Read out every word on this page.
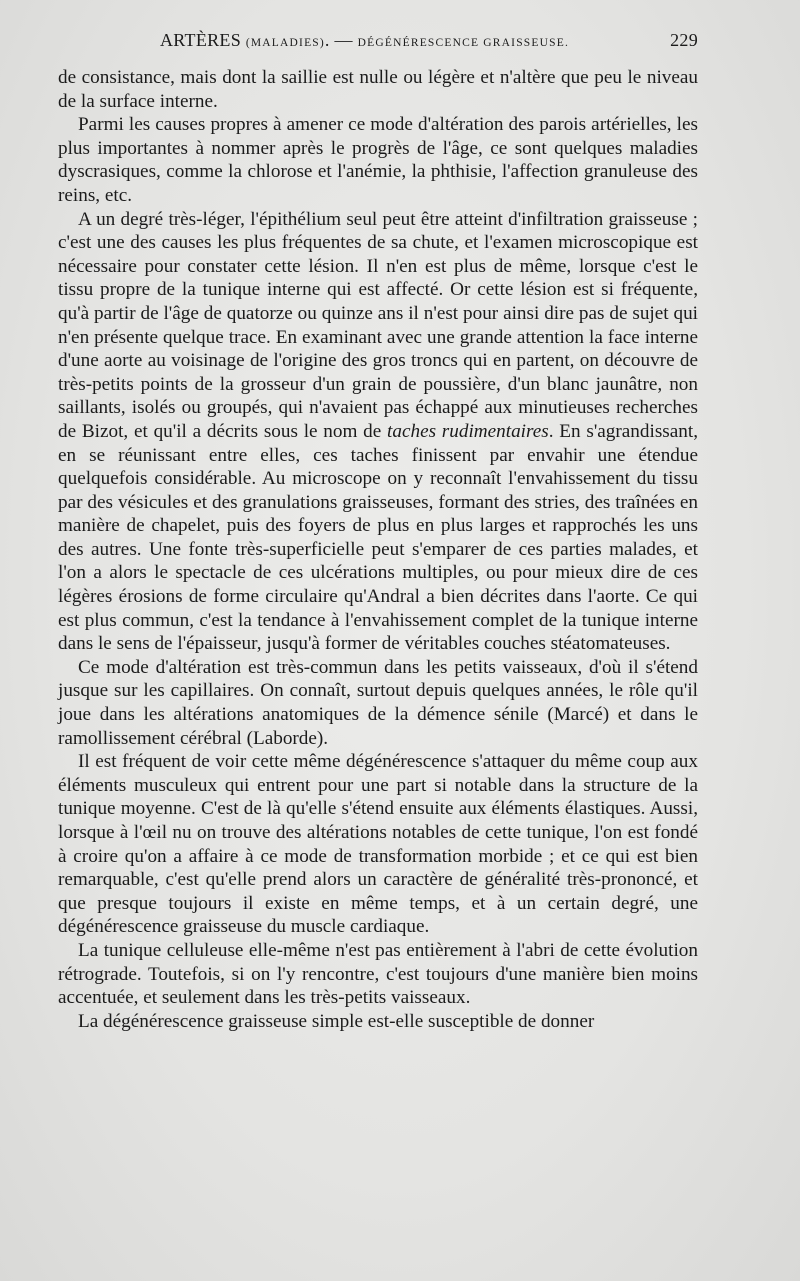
ARTÈRES (MALADIES). — DÉGÉNÉRESCENCE GRAISSEUSE.	229

de consistance, mais dont la saillie est nulle ou légère et n'altère que peu le niveau de la surface interne.

Parmi les causes propres à amener ce mode d'altération des parois artérielles, les plus importantes à nommer après le progrès de l'âge, ce sont quelques maladies dyscrasiques, comme la chlorose et l'anémie, la phthisie, l'affection granuleuse des reins, etc.

A un degré très-léger, l'épithélium seul peut être atteint d'infiltration graisseuse ; c'est une des causes les plus fréquentes de sa chute, et l'examen microscopique est nécessaire pour constater cette lésion. Il n'en est plus de même, lorsque c'est le tissu propre de la tunique interne qui est affecté. Or cette lésion est si fréquente, qu'à partir de l'âge de quatorze ou quinze ans il n'est pour ainsi dire pas de sujet qui n'en présente quelque trace. En examinant avec une grande attention la face interne d'une aorte au voisinage de l'origine des gros troncs qui en partent, on découvre de très-petits points de la grosseur d'un grain de poussière, d'un blanc jaunâtre, non saillants, isolés ou groupés, qui n'avaient pas échappé aux minutieuses recherches de Bizot, et qu'il a décrits sous le nom de taches rudimentaires. En s'agrandissant, en se réunissant entre elles, ces taches finissent par envahir une étendue quelquefois considérable. Au microscope on y reconnaît l'envahissement du tissu par des vésicules et des granulations graisseuses, formant des stries, des traînées en manière de chapelet, puis des foyers de plus en plus larges et rapprochés les uns des autres. Une fonte très-superficielle peut s'emparer de ces parties malades, et l'on a alors le spectacle de ces ulcérations multiples, ou pour mieux dire de ces légères érosions de forme circulaire qu'Andral a bien décrites dans l'aorte. Ce qui est plus commun, c'est la tendance à l'envahissement complet de la tunique interne dans le sens de l'épaisseur, jusqu'à former de véritables couches stéatomateuses.

Ce mode d'altération est très-commun dans les petits vaisseaux, d'où il s'étend jusque sur les capillaires. On connaît, surtout depuis quelques années, le rôle qu'il joue dans les altérations anatomiques de la démence sénile (Marcé) et dans le ramollissement cérébral (Laborde).

Il est fréquent de voir cette même dégénérescence s'attaquer du même coup aux éléments musculeux qui entrent pour une part si notable dans la structure de la tunique moyenne. C'est de là qu'elle s'étend ensuite aux éléments élastiques. Aussi, lorsque à l'œil nu on trouve des altérations notables de cette tunique, l'on est fondé à croire qu'on a affaire à ce mode de transformation morbide ; et ce qui est bien remarquable, c'est qu'elle prend alors un caractère de généralité très-prononcé, et que presque toujours il existe en même temps, et à un certain degré, une dégénérescence graisseuse du muscle cardiaque.

La tunique celluleuse elle-même n'est pas entièrement à l'abri de cette évolution rétrograde. Toutefois, si on l'y rencontre, c'est toujours d'une manière bien moins accentuée, et seulement dans les très-petits vaisseaux.

La dégénérescence graisseuse simple est-elle susceptible de donner
